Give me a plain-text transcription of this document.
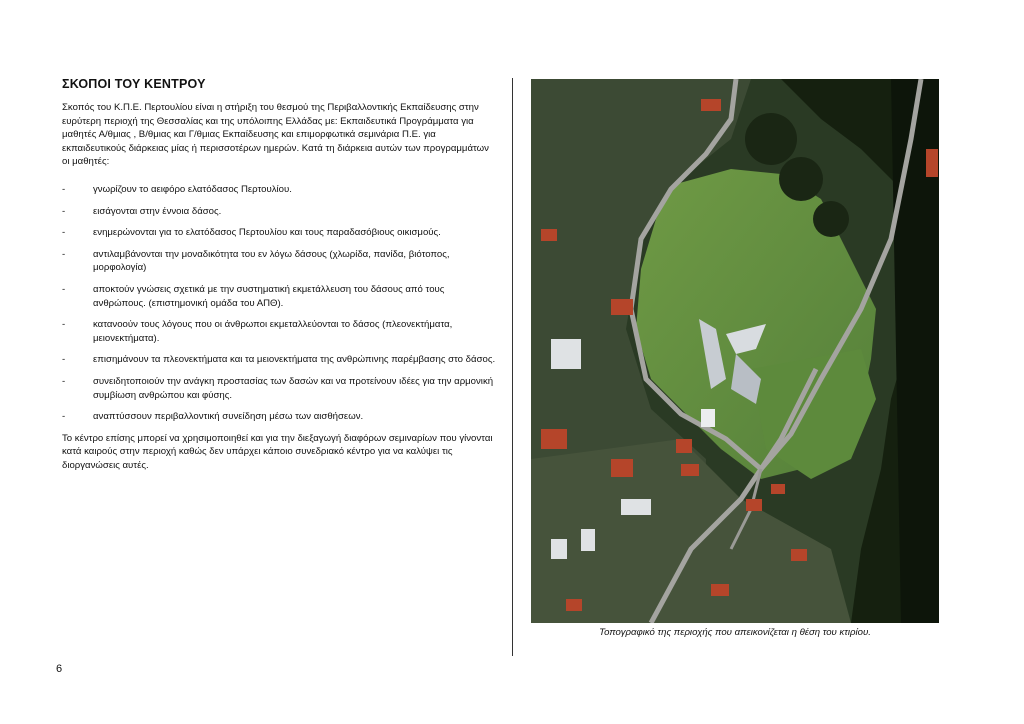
ΣΚΟΠΟΙ ΤΟΥ ΚΕΝΤΡΟΥ

Σκοπός του Κ.Π.Ε. Περτουλίου είναι η στήριξη του θεσμού της Περιβαλλοντικής Εκπαίδευσης στην ευρύτερη περιοχή της Θεσσαλίας και της υπόλοιπης Ελλάδας με: Εκπαιδευτικά Προγράμματα για μαθητές Α/θμιας , Β/θμιας και Γ/θμιας Εκπαίδευσης και επιμορφωτικά σεμινάρια Π.Ε. για εκπαιδευτικούς διάρκειας μίας ή περισσοτέρων ημερών. Κατά τη διάρκεια αυτών των προγραμμάτων οι μαθητές:

-	γνωρίζουν το αειφόρο ελατόδασος Περτουλίου.
-	εισάγονται στην έννοια δάσος.
-	ενημερώνονται για το ελατόδασος Περτουλίου και τους παραδασόβιους οικισμούς.
-	αντιλαμβάνονται την μοναδικότητα του εν λόγω δάσους (χλωρίδα, πανίδα, βιότοπος, μορφολογία)
-	αποκτούν γνώσεις σχετικά με την συστηματική εκμετάλλευση του δάσους από τους ανθρώπους. (επιστημονική ομάδα του ΑΠΘ).
-	κατανοούν τους λόγους που οι άνθρωποι εκμεταλλεύονται το δάσος (πλεονεκτήματα, μειονεκτήματα).
-	επισημάνουν τα πλεονεκτήματα και τα μειονεκτήματα της ανθρώπινης παρέμβασης στο δάσος.
-	συνειδητοποιούν την ανάγκη προστασίας των δασών και να προτείνουν ιδέες για την αρμονική συμβίωση ανθρώπου και φύσης.
-	αναπτύσσουν περιβαλλοντική συνείδηση μέσω των αισθήσεων.

Το κέντρο επίσης μπορεί να χρησιμοποιηθεί και για την διεξαγωγή διαφόρων σεμιναρίων που γίνονται κατά καιρούς στην περιοχή καθώς δεν υπάρχει κάποιο συνεδριακό κέντρο για να καλύψει τις διοργανώσεις αυτές.

Τοπογραφικό της περιοχής που απεικονίζεται η θέση του κτιρίου.

6
